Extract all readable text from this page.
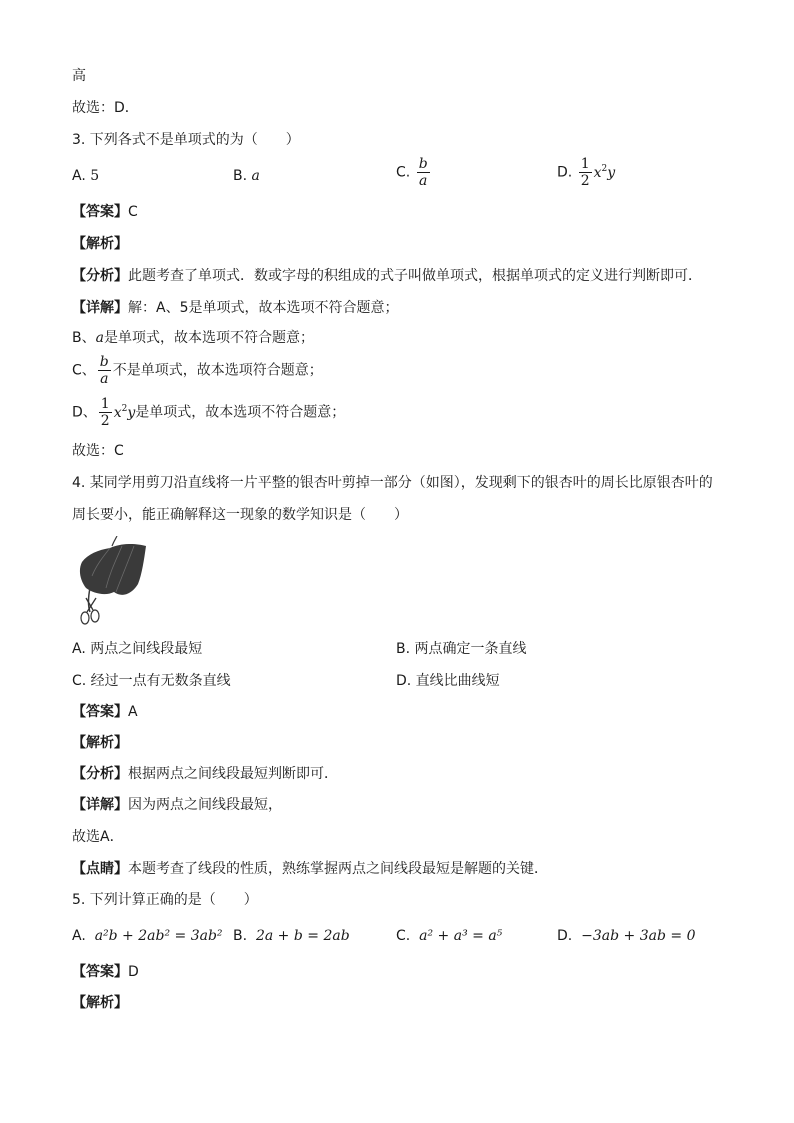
高
故选：D．
3. 下列各式不是单项式的为（　　）
A. 5	B. a	C. $\frac{b}{a}$	D. $\frac{1}{2} x^2y$
【答案】C
【解析】
【分析】此题考查了单项式．数或字母的积组成的式子叫做单项式，根据单项式的定义进行判断即可．
【详解】解：A、5是单项式，故本选项不符合题意；
B、a是单项式，故本选项不符合题意；
C、 $\frac{b}{a}$ 不是单项式，故本选项符合题意；
D、 $\frac{1}{2} x^2y$是单项式，故本选项不符合题意；
故选：C
4. 某同学用剪刀沿直线将一片平整的银杏叶剪掉一部分（如图），发现剩下的银杏叶的周长比原银杏叶的
周长要小，能正确解释这一现象的数学知识是（　　）
A. 两点之间线段最短	B. 两点确定一条直线
C. 经过一点有无数条直线	D. 直线比曲线短
【答案】A
【解析】
【分析】根据两点之间线段最短判断即可．
【详解】因为两点之间线段最短，
故选A．
【点睛】本题考查了线段的性质，熟练掌握两点之间线段最短是解题的关键．
5. 下列计算正确的是（　　）
A. a²b + 2ab² = 3ab² B. 2a + b = 2ab	C. a² + a³ = a⁵	D. −3ab + 3ab = 0
【答案】D
【解析】
